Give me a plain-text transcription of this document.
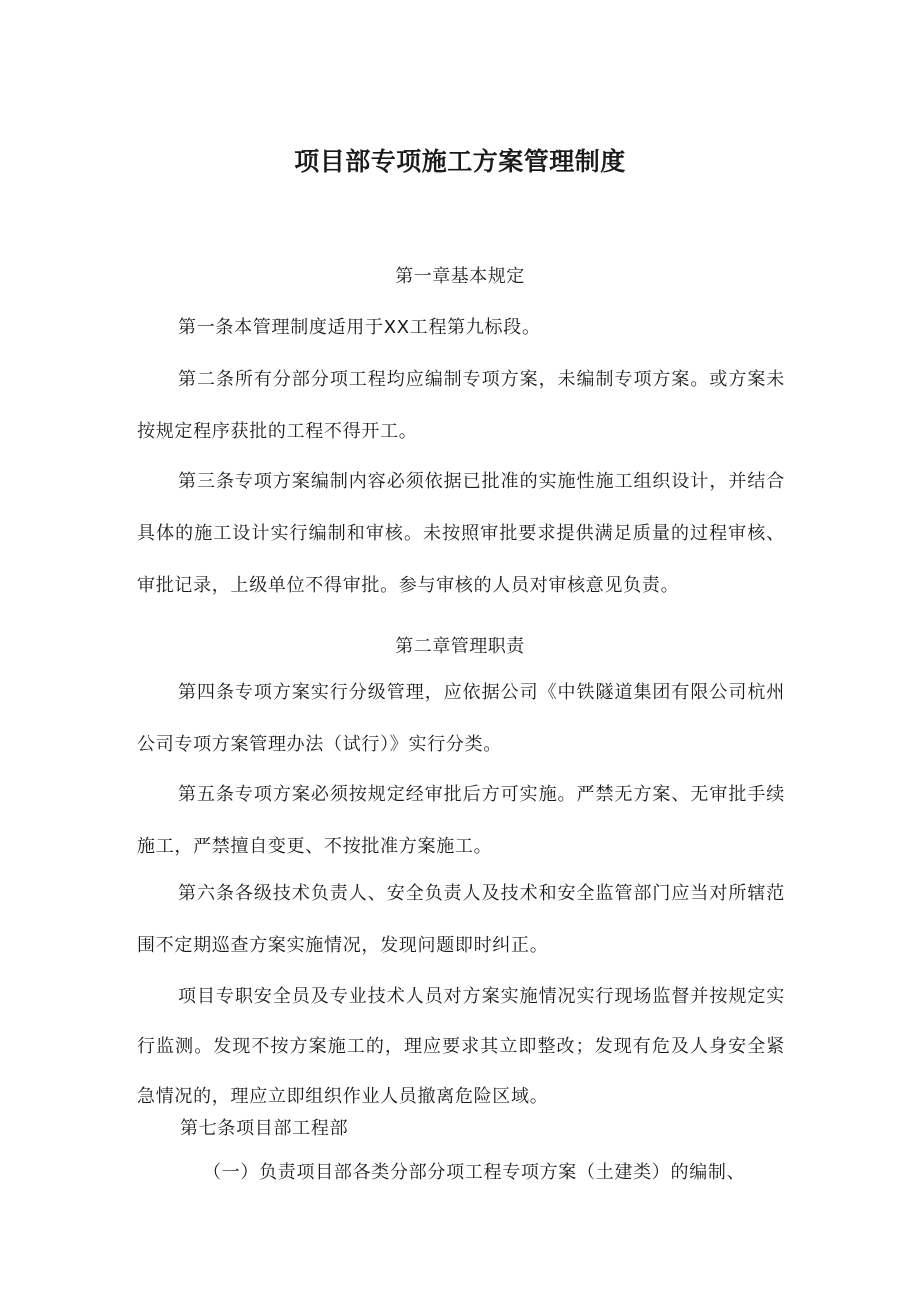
项目部专项施工方案管理制度
第一章基本规定

第一条本管理制度适用于XX工程第九标段。

第二条所有分部分项工程均应编制专项方案，未编制专项方案。或方案未按规定程序获批的工程不得开工。

第三条专项方案编制内容必须依据已批准的实施性施工组织设计，并结合具体的施工设计实行编制和审核。未按照审批要求提供满足质量的过程审核、审批记录，上级单位不得审批。参与审核的人员对审核意见负责。

第二章管理职责

第四条专项方案实行分级管理，应依据公司《中铁隧道集团有限公司杭州公司专项方案管理办法（试行）》实行分类。

第五条专项方案必须按规定经审批后方可实施。严禁无方案、无审批手续施工，严禁擅自变更、不按批准方案施工。

第六条各级技术负责人、安全负责人及技术和安全监管部门应当对所辖范围不定期巡查方案实施情况，发现问题即时纠正。

项目专职安全员及专业技术人员对方案实施情况实行现场监督并按规定实行监测。发现不按方案施工的，理应要求其立即整改；发现有危及人身安全紧急情况的，理应立即组织作业人员撤离危险区域。

第七条项目部工程部
（一）负责项目部各类分部分项工程专项方案（土建类）的编制、
